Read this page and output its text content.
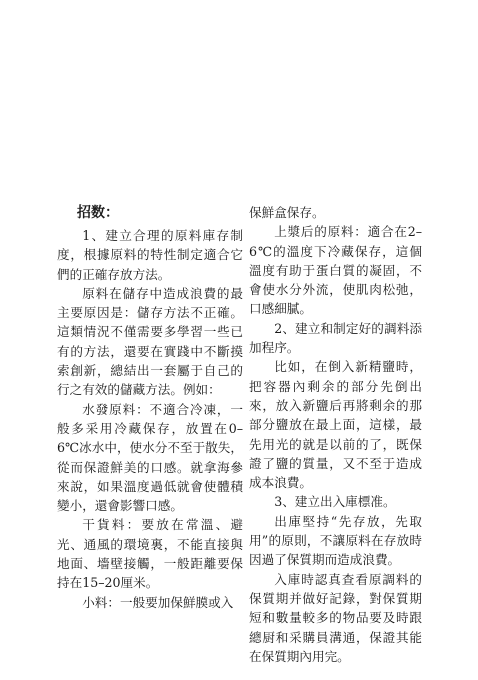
招数：

1、建立合理的原料庫存制度，根據原料的特性制定適合它們的正確存放方法。

原料在儲存中造成浪費的最主要原因是：儲存方法不正確。這類情況不僅需要多學習一些已有的方法，還要在實踐中不斷摸索創新，總結出一套屬于自己的行之有效的儲藏方法。例如：

水發原料：不適合冷凍，一般多采用冷藏保存，放置在0–6℃冰水中，使水分不至于散失，從而保證鮮美的口感。就拿海參來說，如果溫度過低就會使體積變小，還會影響口感。

干貨料：要放在常溫、避光、通風的環境裏，不能直接與地面、墻壁接觸，一般距離要保持在15–20厘米。

小料：一般要加保鮮膜或入

保鮮盒保存。

上漿后的原料：適合在2–6℃的溫度下冷藏保存，這個溫度有助于蛋白質的凝固，不會使水分外流，使肌肉松弛，口感細膩。

2、建立和制定好的調料添加程序。

比如，在倒入新精鹽時，把容器內剩余的部分先倒出來，放入新鹽后再將剩余的那部分鹽放在最上面，這樣，最先用光的就是以前的了，既保證了鹽的質量，又不至于造成成本浪費。

3、建立出入庫標准。

出庫堅持“先存放，先取用”的原則，不讓原料在存放時因過了保質期而造成浪費。

入庫時認真查看原調料的保質期并做好記錄，對保質期短和數量較多的物品要及時跟總厨和采購員溝通，保證其能在保質期內用完。
